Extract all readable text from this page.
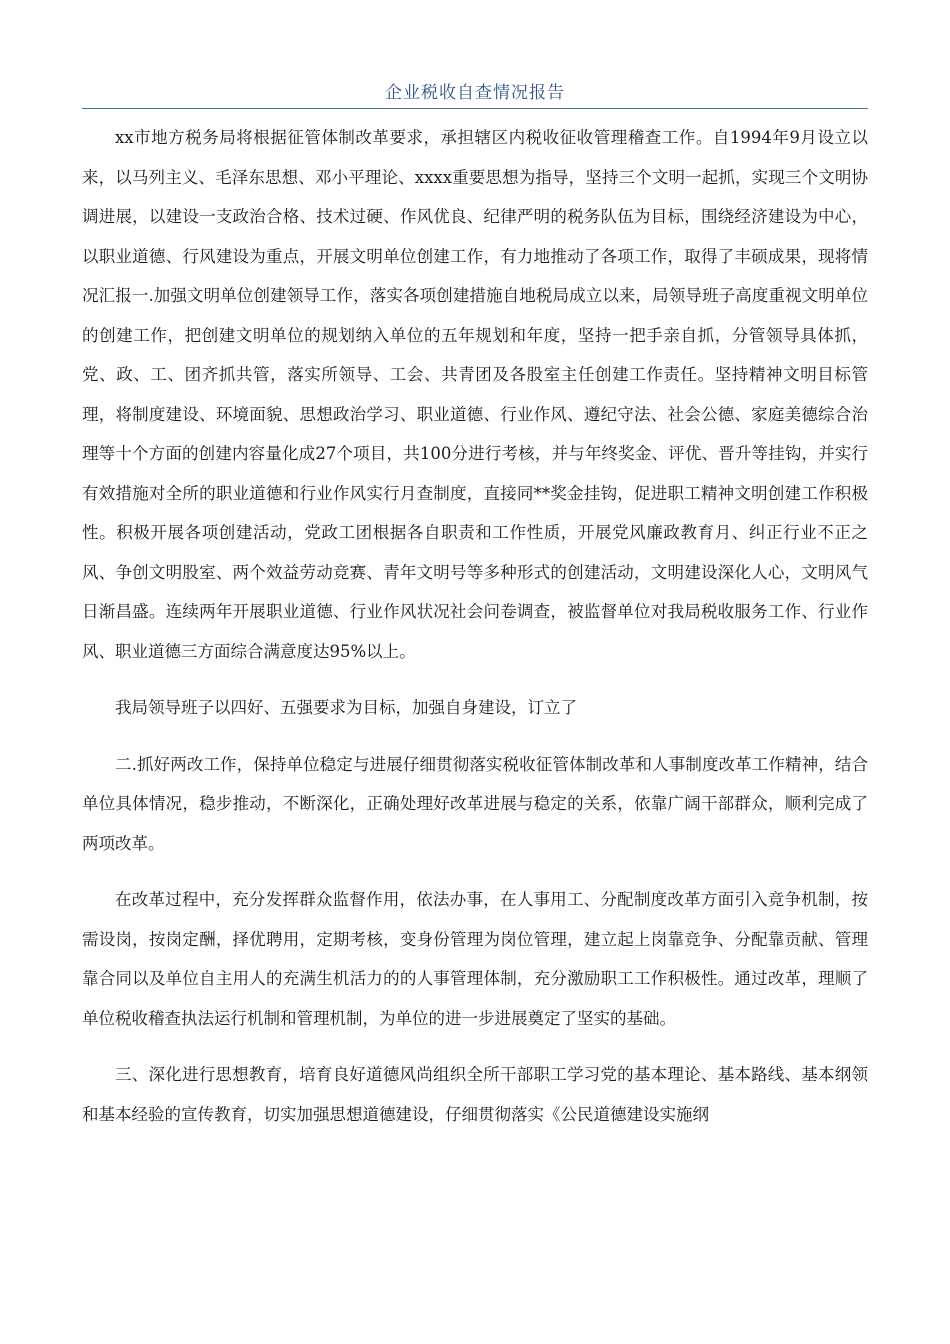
企业税收自查情况报告

xx市地方税务局将根据征管体制改革要求，承担辖区内税收征收管理稽查工作。自1994年9月设立以来，以马列主义、毛泽东思想、邓小平理论、xxxx重要思想为指导，坚持三个文明一起抓，实现三个文明协调进展，以建设一支政治合格、技术过硬、作风优良、纪律严明的税务队伍为目标，围绕经济建设为中心，以职业道德、行风建设为重点，开展文明单位创建工作，有力地推动了各项工作，取得了丰硕成果，现将情况汇报一.加强文明单位创建领导工作，落实各项创建措施自地税局成立以来，局领导班子高度重视文明单位的创建工作，把创建文明单位的规划纳入单位的五年规划和年度，坚持一把手亲自抓，分管领导具体抓，党、政、工、团齐抓共管，落实所领导、工会、共青团及各股室主任创建工作责任。坚持精神文明目标管理，将制度建设、环境面貌、思想政治学习、职业道德、行业作风、遵纪守法、社会公德、家庭美德综合治理等十个方面的创建内容量化成27个项目，共100分进行考核，并与年终奖金、评优、晋升等挂钩，并实行有效措施对全所的职业道德和行业作风实行月查制度，直接同**奖金挂钩，促进职工精神文明创建工作积极性。积极开展各项创建活动，党政工团根据各自职责和工作性质，开展党风廉政教育月、纠正行业不正之风、争创文明股室、两个效益劳动竞赛、青年文明号等多种形式的创建活动，文明建设深化人心，文明风气日渐昌盛。连续两年开展职业道德、行业作风状况社会问卷调查，被监督单位对我局税收服务工作、行业作风、职业道德三方面综合满意度达95%以上。

我局领导班子以四好、五强要求为目标，加强自身建设，订立了

二.抓好两改工作，保持单位稳定与进展仔细贯彻落实税收征管体制改革和人事制度改革工作精神，结合单位具体情况，稳步推动，不断深化，正确处理好改革进展与稳定的关系，依靠广阔干部群众，顺利完成了两项改革。

在改革过程中，充分发挥群众监督作用，依法办事，在人事用工、分配制度改革方面引入竞争机制，按需设岗，按岗定酬，择优聘用，定期考核，变身份管理为岗位管理，建立起上岗靠竞争、分配靠贡献、管理靠合同以及单位自主用人的充满生机活力的的人事管理体制，充分激励职工工作积极性。通过改革，理顺了单位税收稽查执法运行机制和管理机制，为单位的进一步进展奠定了坚实的基础。

三、深化进行思想教育，培育良好道德风尚组织全所干部职工学习党的基本理论、基本路线、基本纲领和基本经验的宣传教育，切实加强思想道德建设，仔细贯彻落实《公民道德建设实施纲
